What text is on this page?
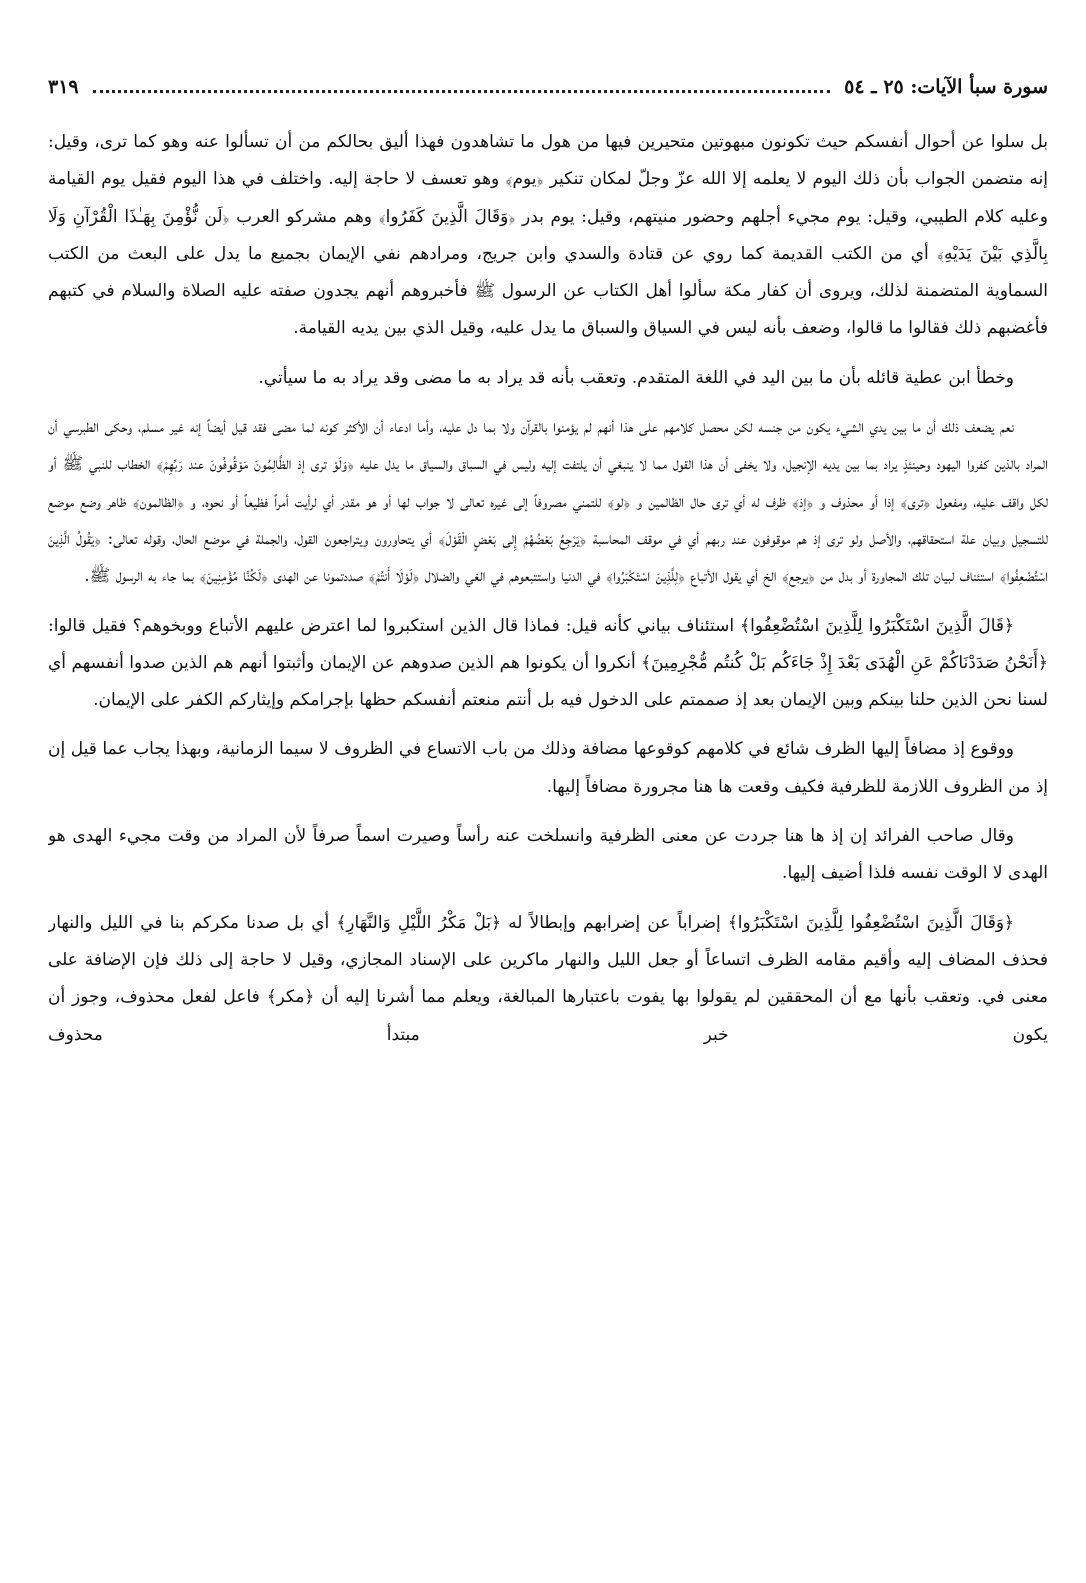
سورة سبأ الآيات: ٢٥ ـ ٥٤
٣١٩

بل سلوا عن أحوال أنفسكم حيث تكونون مبهوتين متحيرين فيها من هول ما تشاهدون فهذا أليق بحالكم من أن تسألوا عنه وهو كما ترى، وقيل: إنه متضمن الجواب بأن ذلك اليوم لا يعلمه إلا الله عزّ وجلّ لمكان تنكير ﴿يوم﴾ وهو تعسف لا حاجة إليه. واختلف في هذا اليوم فقيل يوم القيامة وعليه كلام الطيبي، وقيل: يوم مجيء أجلهم وحضور منيتهم، وقيل: يوم بدر ﴿وَقَالَ الَّذِينَ كَفَرُوا﴾ وهم مشركو العرب ﴿لَن نُّؤْمِنَ بِهَـٰذَا الْقُرْآنِ وَلَا بِالَّذِي بَيْنَ يَدَيْهِ﴾ أي من الكتب القديمة كما روي عن قتادة والسدي وابن جريج، ومرادهم نفي الإيمان بجميع ما يدل على البعث من الكتب السماوية المتضمنة لذلك، ويروى أن كفار مكة سألوا أهل الكتاب عن الرسول ﷺ فأخبروهم أنهم يجدون صفته عليه الصلاة والسلام في كتبهم فأغضبهم ذلك فقالوا ما قالوا، وضعف بأنه ليس في السياق والسباق ما يدل عليه، وقيل الذي بين يديه القيامة.

وخطأ ابن عطية قائله بأن ما بين اليد في اللغة المتقدم. وتعقب بأنه قد يراد به ما مضى وقد يراد به ما سيأتي.

نعم يضعف ذلك أن ما بين يدي الشيء يكون من جنسه لكن محصل كلامهم على هذا أنهم لم يؤمنوا بالقرآن ولا بما دل عليه، وأما ادعاء أن الأكثر كونه لما مضى فقد قيل أيضاً إنه غير مسلم، وحكى الطبرسي أن المراد بالذين كفروا اليهود وحينئذٍ يراد بما بين يديه الإنجيل، ولا يخفى أن هذا القول مما لا ينبغي أن يلتفت إليه وليس في السباق والسياق ما يدل عليه ﴿وَلَوْ ترى إذ الظَّالِمُونَ مَوْقُوفُونَ عند رَبِّهِمْ﴾ الخطاب للنبي ﷺ أو لكل واقف عليه، ومفعول ﴿ترى﴾ إذا أو محذوف و ﴿إذ﴾ ظرف له أي ترى حال الظالمين و ﴿لو﴾ للتمني مصروفاً إلى غيره تعالى لا جواب لها أو هو مقدر أي لرأيت أمراً فظيعاً أو نحوه، و ﴿الظالمون﴾ ظاهر وضع موضع للتسجيل وبيان علة استحقاقهم، والأصل ولو ترى إذ هم موقوفون عند ربهم أي في موقف المحاسبة ﴿يَرْجِعُ بَعْضُهُمْ إِلى بَعْضٍ الْقَوْلَ﴾ أي يتحاورون ويتراجعون القول، والجملة في موضع الحال، وقوله تعالى: ﴿يَقُولُ الَّذِينَ اسْتُضْعِفُوا﴾ استئناف لبيان تلك المجاورة أو بدل من ﴿يرجع﴾ الخ أي يقول الأتباع ﴿لِلَّذِينَ اسْتَكْبَرُوا﴾ في الدنيا واستتبعوهم في الغي والضلال ﴿لَوْلَا أَنتُمْ﴾ صددتمونا عن الهدى ﴿لَكُنَّا مُؤْمِنِينَ﴾ بما جاء به الرسول ﷺ.

﴿قَالَ الَّذِينَ اسْتَكْبَرُوا لِلَّذِينَ اسْتُضْعِفُوا﴾ استئناف بياني كأنه قيل: فماذا قال الذين استكبروا لما اعترض عليهم الأتباع ووبخوهم؟ فقيل قالوا: ﴿أَنَحْنُ صَدَدْنَاكُمْ عَنِ الْهُدَى بَعْدَ إِذْ جَاءَكُم بَلْ كُنتُم مُّجْرِمِينَ﴾ أنكروا أن يكونوا هم الذين صدوهم عن الإيمان وأثبتوا أنهم هم الذين صدوا أنفسهم أي لسنا نحن الذين حلنا بينكم وبين الإيمان بعد إذ صممتم على الدخول فيه بل أنتم منعتم أنفسكم حظها بإجرامكم وإيثاركم الكفر على الإيمان.

ووقوع إذ مضافاً إليها الظرف شائع في كلامهم كوقوعها مضافة وذلك من باب الاتساع في الظروف لا سيما الزمانية، وبهذا يجاب عما قيل إن إذ من الظروف اللازمة للظرفية فكيف وقعت ها هنا مجرورة مضافاً إليها.

وقال صاحب الفرائد إن إذ ها هنا جردت عن معنى الظرفية وانسلخت عنه رأساً وصيرت اسماً صرفاً لأن المراد من وقت مجيء الهدى هو الهدى لا الوقت نفسه فلذا أضيف إليها.

﴿وَقَالَ الَّذِينَ اسْتُضْعِفُوا لِلَّذِينَ اسْتَكْبَرُوا﴾ إضراباً عن إضرابهم وإبطالاً له ﴿بَلْ مَكْرُ اللَّيْلِ وَالنَّهَارِ﴾ أي بل صدنا مكركم بنا في الليل والنهار فحذف المضاف إليه وأقيم مقامه الظرف اتساعاً أو جعل الليل والنهار ماكرين على الإسناد المجازي، وقيل لا حاجة إلى ذلك فإن الإضافة على معنى في. وتعقب بأنها مع أن المحققين لم يقولوا بها يفوت باعتبارها المبالغة، ويعلم مما أشرنا إليه أن ﴿مكر﴾ فاعل لفعل محذوف، وجوز أن يكون خبر مبتدأ محذوف
